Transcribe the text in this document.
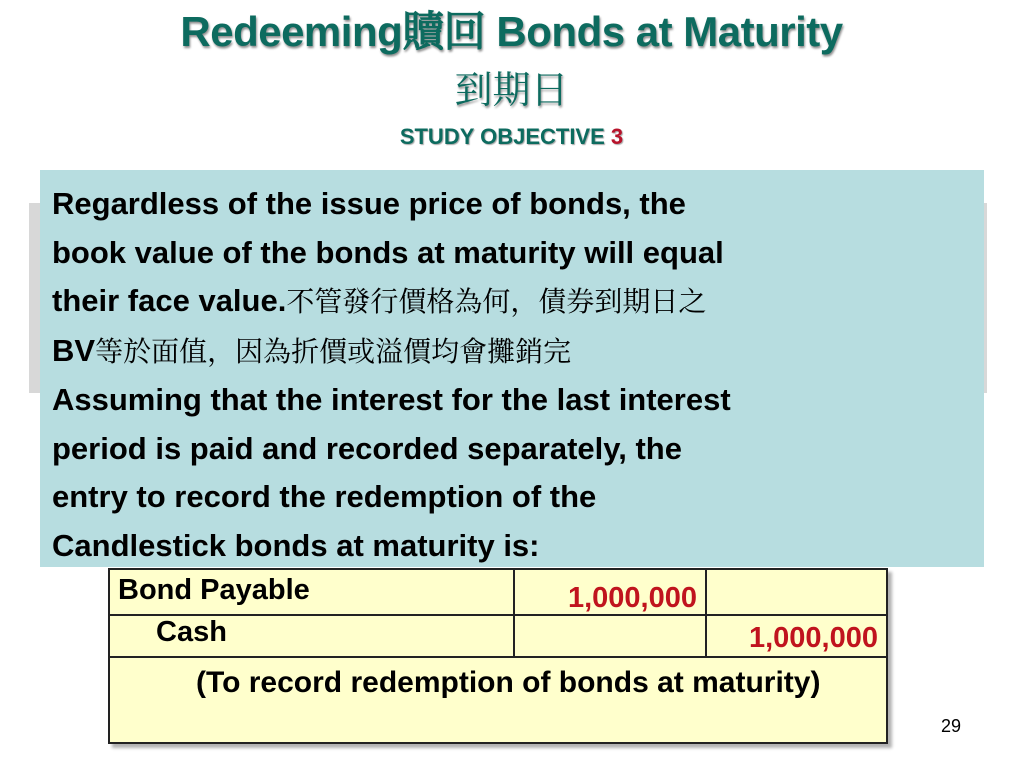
Redeeming贖回 Bonds at Maturity
到期日
STUDY OBJECTIVE 3
Regardless of the issue price of bonds, the
book value of the bonds at maturity will equal
their face value.不管發行價格為何，債券到期日之
BV等於面值，因為折價或溢價均會攤銷完
Assuming that the interest for the last interest
period is paid and recorded separately, the
entry to record the redemption of the
Candlestick bonds at maturity is:
Bond Payable	1,000,000
Cash	1,000,000
(To record redemption of bonds at maturity)
29
